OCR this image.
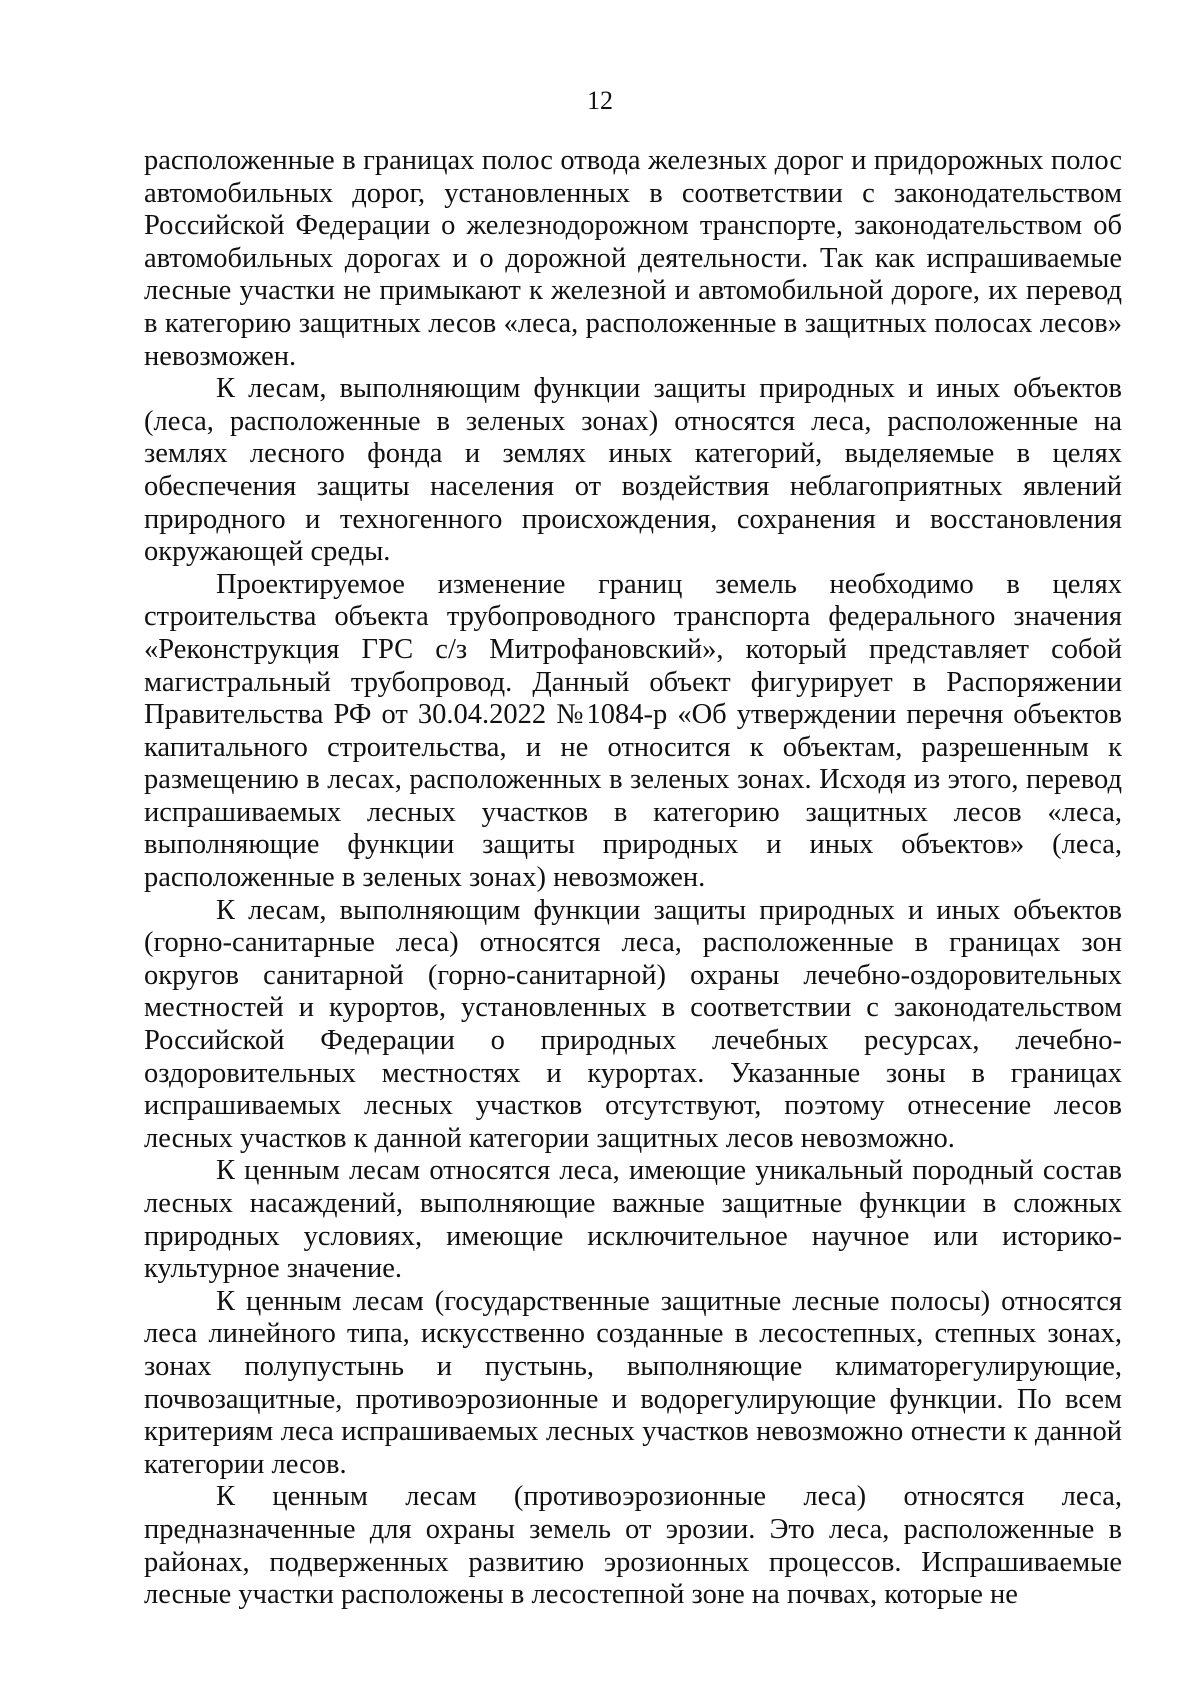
12

расположенные в границах полос отвода железных дорог и придорожных полос автомобильных дорог, установленных в соответствии с законодательством Российской Федерации о железнодорожном транспорте, законодательством об автомобильных дорогах и о дорожной деятельности. Так как испрашиваемые лесные участки не примыкают к железной и автомобильной дороге, их перевод в категорию защитных лесов «леса, расположенные в защитных полосах лесов» невозможен.

К лесам, выполняющим функции защиты природных и иных объектов (леса, расположенные в зеленых зонах) относятся леса, расположенные на землях лесного фонда и землях иных категорий, выделяемые в целях обеспечения защиты населения от воздействия неблагоприятных явлений природного и техногенного происхождения, сохранения и восстановления окружающей среды.

Проектируемое изменение границ земель необходимо в целях строительства объекта трубопроводного транспорта федерального значения «Реконструкция ГРС с/з Митрофановский», который представляет собой магистральный трубопровод. Данный объект фигурирует в Распоряжении Правительства РФ от 30.04.2022 №1084-р «Об утверждении перечня объектов капитального строительства, и не относится к объектам, разрешенным к размещению в лесах, расположенных в зеленых зонах. Исходя из этого, перевод испрашиваемых лесных участков в категорию защитных лесов «леса, выполняющие функции защиты природных и иных объектов» (леса, расположенные в зеленых зонах) невозможен.

К лесам, выполняющим функции защиты природных и иных объектов (горно-санитарные леса) относятся леса, расположенные в границах зон округов санитарной (горно-санитарной) охраны лечебно-оздоровительных местностей и курортов, установленных в соответствии с законодательством Российской Федерации о природных лечебных ресурсах, лечебно-оздоровительных местностях и курортах. Указанные зоны в границах испрашиваемых лесных участков отсутствуют, поэтому отнесение лесов лесных участков к данной категории защитных лесов невозможно.

К ценным лесам относятся леса, имеющие уникальный породный состав лесных насаждений, выполняющие важные защитные функции в сложных природных условиях, имеющие исключительное научное или историко-культурное значение.

К ценным лесам (государственные защитные лесные полосы) относятся леса линейного типа, искусственно созданные в лесостепных, степных зонах, зонах полупустынь и пустынь, выполняющие климаторегулирующие, почвозащитные, противоэрозионные и водорегулирующие функции. По всем критериям леса испрашиваемых лесных участков невозможно отнести к данной категории лесов.

К ценным лесам (противоэрозионные леса) относятся леса, предназначенные для охраны земель от эрозии. Это леса, расположенные в районах, подверженных развитию эрозионных процессов. Испрашиваемые лесные участки расположены в лесостепной зоне на почвах, которые не
